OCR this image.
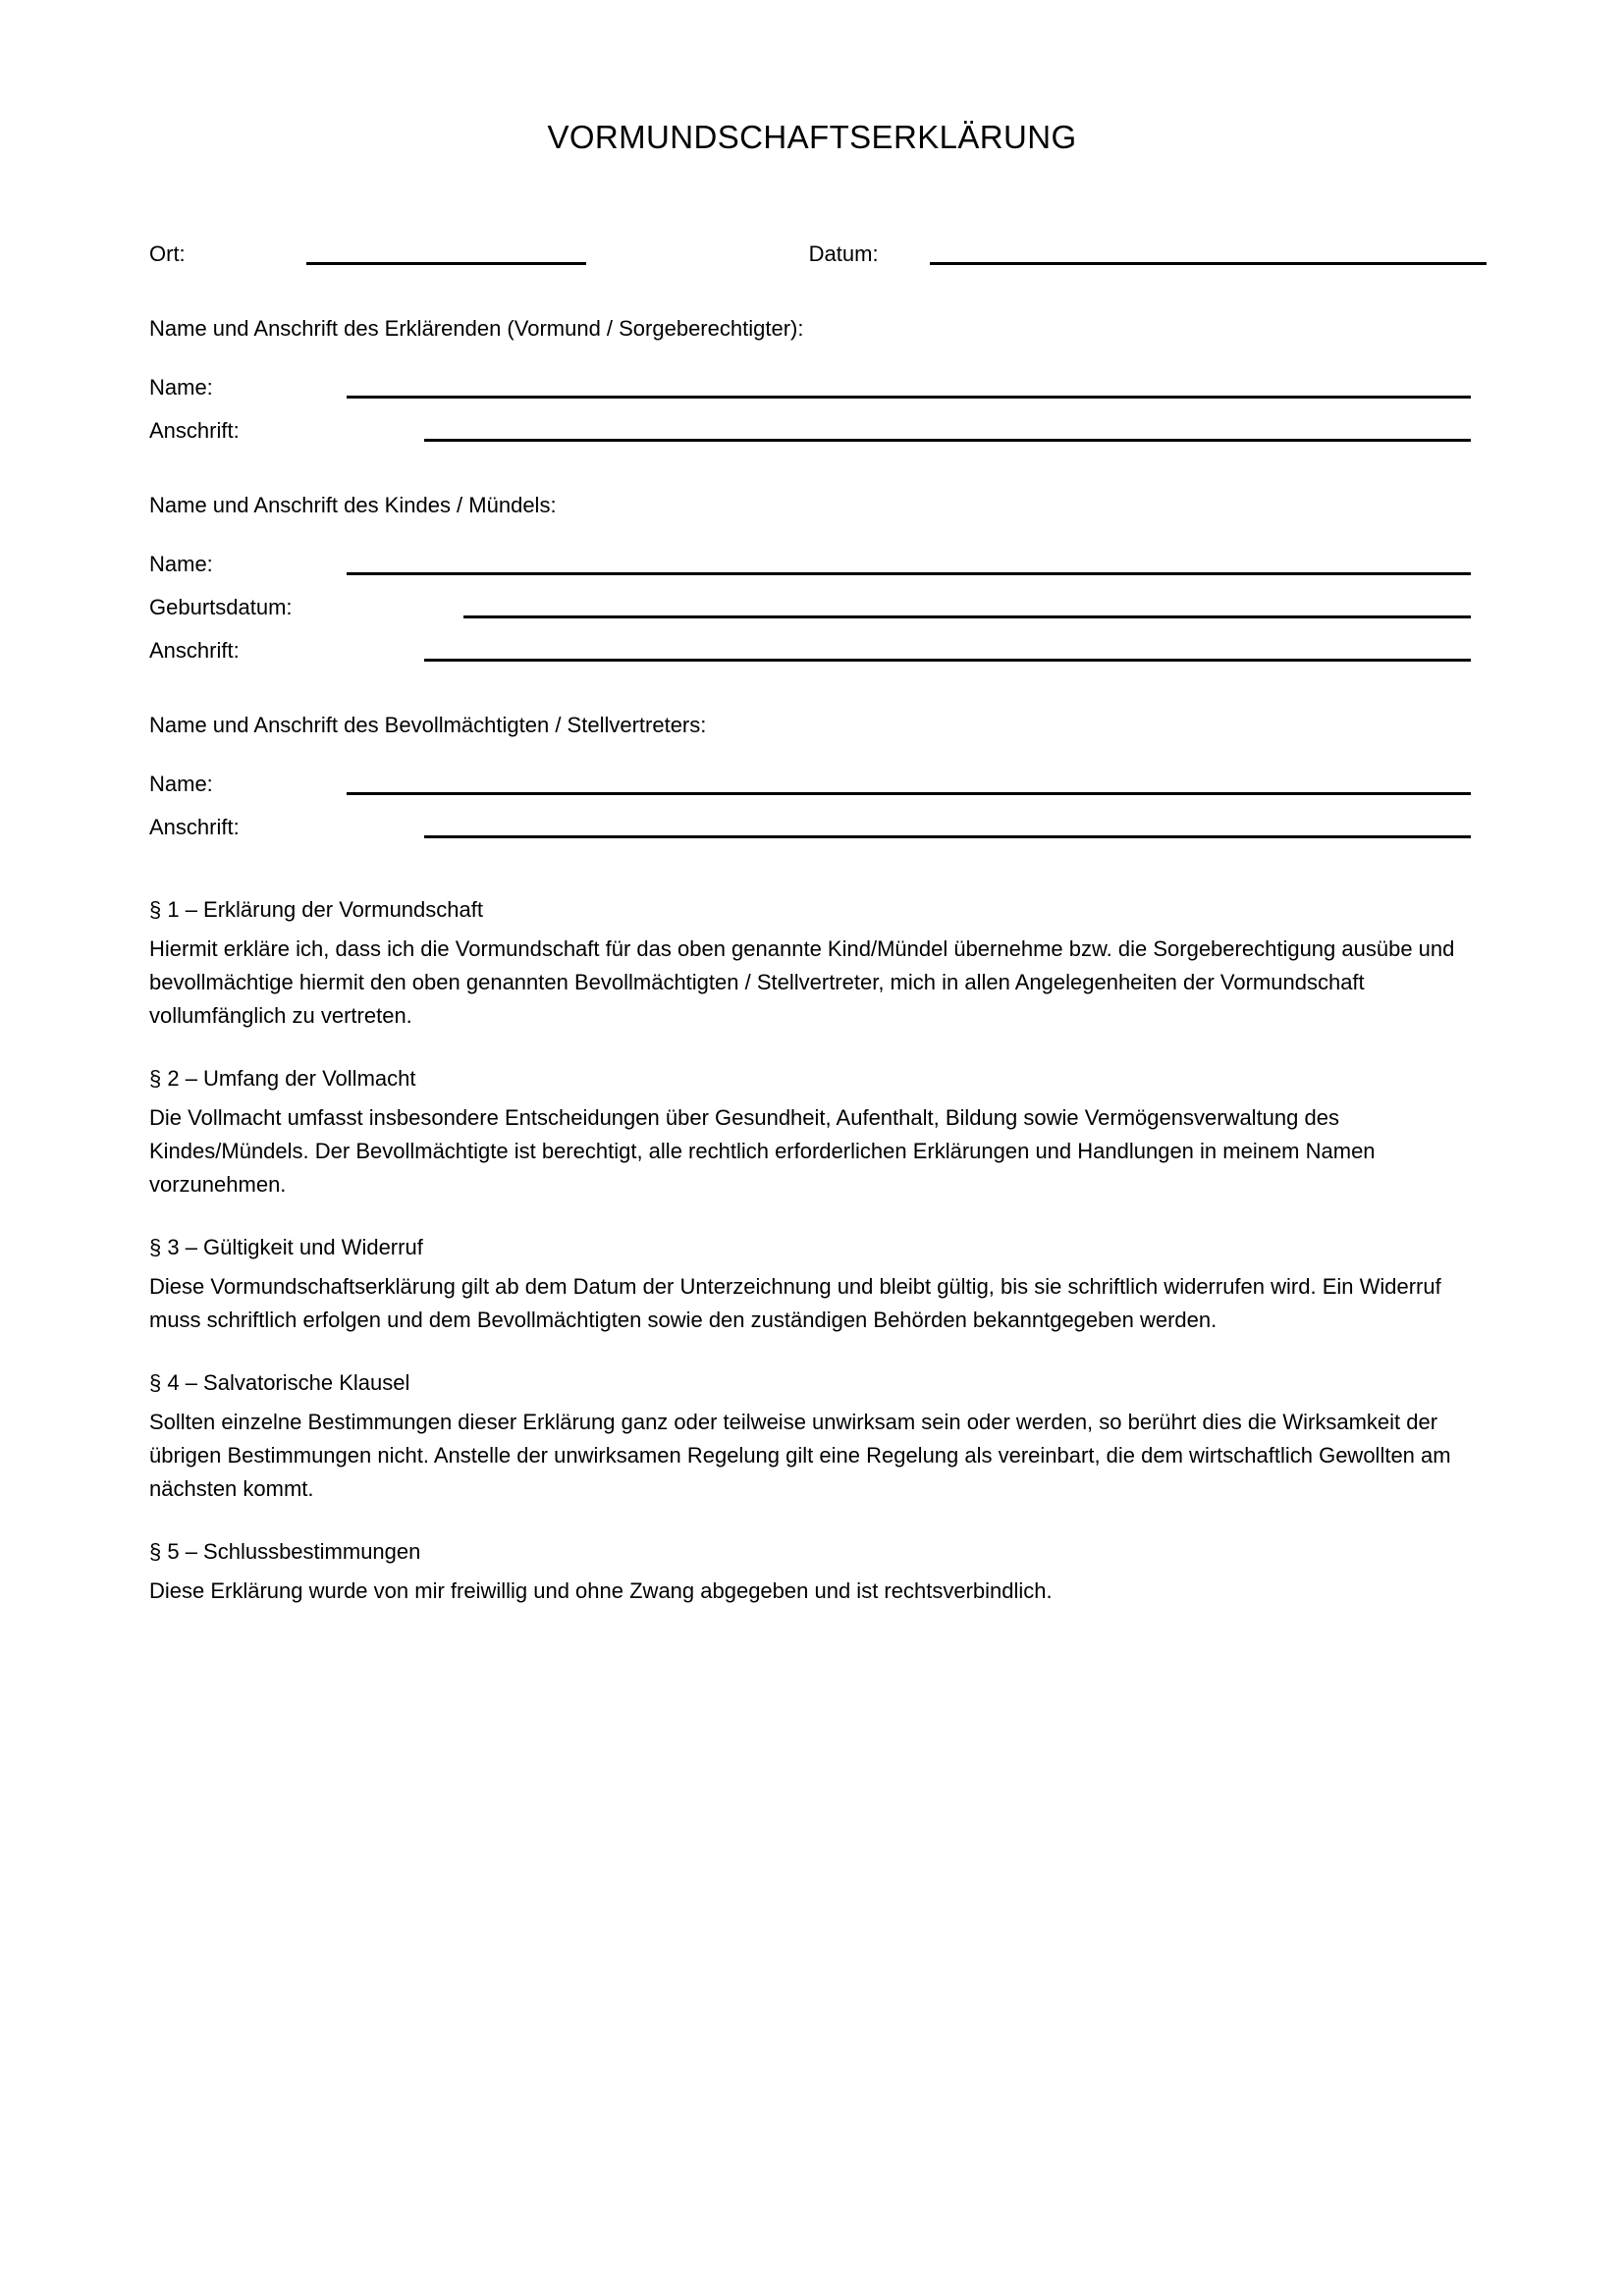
VORMUNDSCHAFTSERKLÄRUNG
Ort:	Datum:
Name und Anschrift des Erklärenden (Vormund / Sorgeberechtigter):
Name:
Anschrift:
Name und Anschrift des Kindes / Mündels:
Name:
Geburtsdatum:
Anschrift:
Name und Anschrift des Bevollmächtigten / Stellvertreters:
Name:
Anschrift:
§ 1 – Erklärung der Vormundschaft

Hiermit erkläre ich, dass ich die Vormundschaft für das oben genannte Kind/Mündel übernehme bzw. die Sorgeberechtigung ausübe und bevollmächtige hiermit den oben genannten Bevollmächtigten / Stellvertreter, mich in allen Angelegenheiten der Vormundschaft vollumfänglich zu vertreten.

§ 2 – Umfang der Vollmacht

Die Vollmacht umfasst insbesondere Entscheidungen über Gesundheit, Aufenthalt, Bildung sowie Vermögensverwaltung des Kindes/Mündels. Der Bevollmächtigte ist berechtigt, alle rechtlich erforderlichen Erklärungen und Handlungen in meinem Namen vorzunehmen.

§ 3 – Gültigkeit und Widerruf

Diese Vormundschaftserklärung gilt ab dem Datum der Unterzeichnung und bleibt gültig, bis sie schriftlich widerrufen wird. Ein Widerruf muss schriftlich erfolgen und dem Bevollmächtigten sowie den zuständigen Behörden bekanntgegeben werden.

§ 4 – Salvatorische Klausel

Sollten einzelne Bestimmungen dieser Erklärung ganz oder teilweise unwirksam sein oder werden, so berührt dies die Wirksamkeit der übrigen Bestimmungen nicht. Anstelle der unwirksamen Regelung gilt eine Regelung als vereinbart, die dem wirtschaftlich Gewollten am nächsten kommt.

§ 5 – Schlussbestimmungen

Diese Erklärung wurde von mir freiwillig und ohne Zwang abgegeben und ist rechtsverbindlich.
